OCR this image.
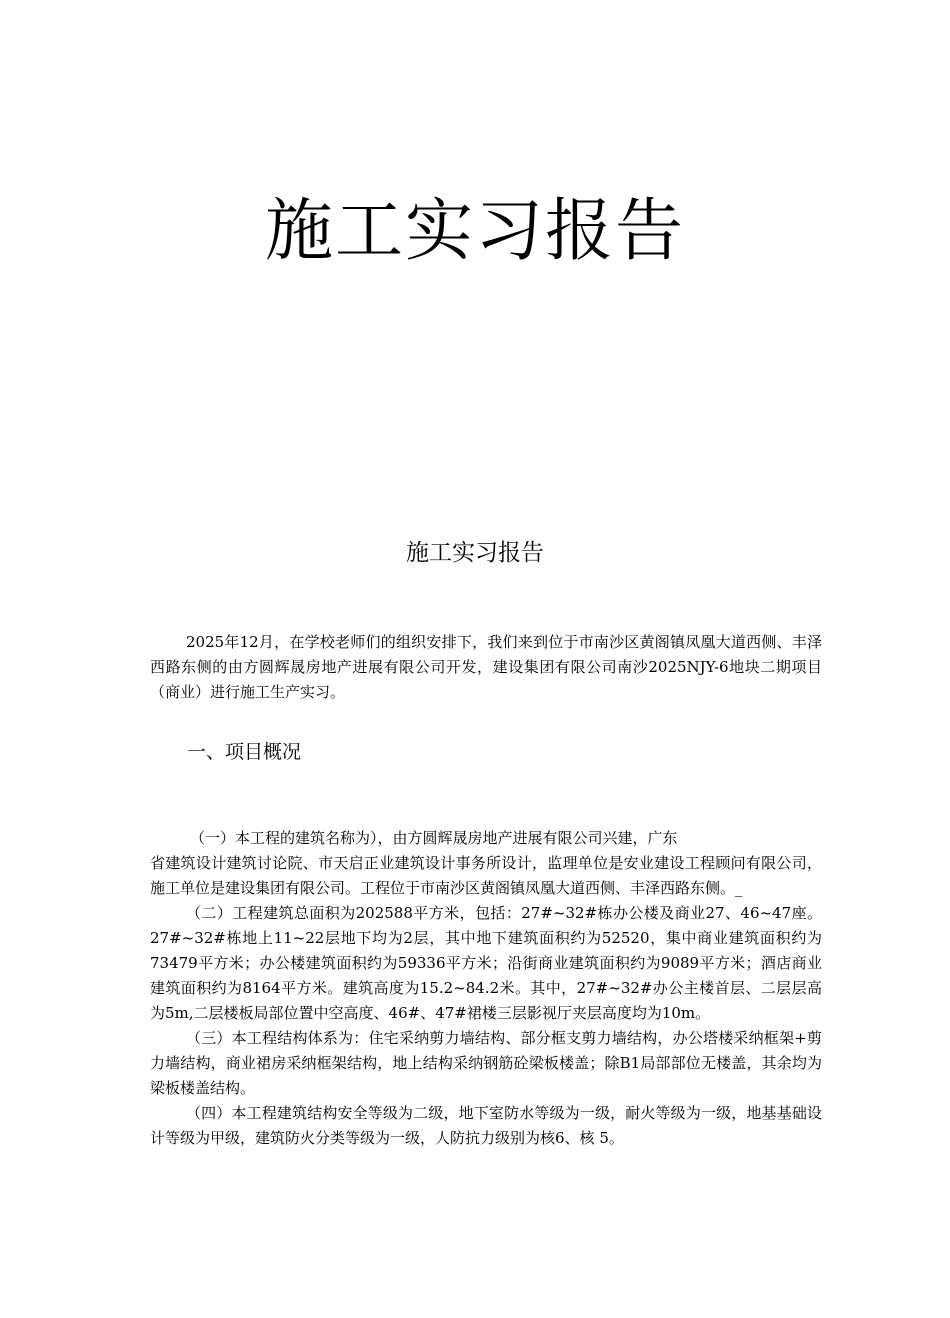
施工实习报告
施工实习报告

2025年12月，在学校老师们的组织安排下，我们来到位于市南沙区黄阁镇凤凰大道西侧、丰泽西路东侧的由方圆辉晟房地产进展有限公司开发，建设集团有限公司南沙2025NJY-6地块二期项目（商业）进行施工生产实习。

一、项目概况

（一）本工程的建筑名称为），由方圆辉晟房地产进展有限公司兴建，广东
省建筑设计建筑讨论院、市天启正业建筑设计事务所设计，监理单位是安业建设工程顾问有限公司，施工单位是建设集团有限公司。工程位于市南沙区黄阁镇凤凰大道西侧、丰泽西路东侧。_

（二）工程建筑总面积为202588平方米，包括：27#~32#栋办公楼及商业27、46~47座。27#~32#栋地上11~22层地下均为2层，其中地下建筑面积约为52520，集中商业建筑面积约为73479平方米；办公楼建筑面积约为59336平方米；沿街商业建筑面积约为9089平方米；酒店商业建筑面积约为8164平方米。建筑高度为15.2~84.2米。其中，27#~32#办公主楼首层、二层层高为5m,二层楼板局部位置中空高度、46#、47#裙楼三层影视厅夹层高度均为10m。

（三）本工程结构体系为：住宅采纳剪力墙结构、部分框支剪力墙结构，办公塔楼采纳框架+剪力墙结构，商业裙房采纳框架结构，地上结构采纳钢筋砼梁板楼盖；除B1局部部位无楼盖，其余均为梁板楼盖结构。

（四）本工程建筑结构安全等级为二级，地下室防水等级为一级，耐火等级为一级，地基基础设计等级为甲级，建筑防火分类等级为一级，人防抗力级别为核6、核 5。
